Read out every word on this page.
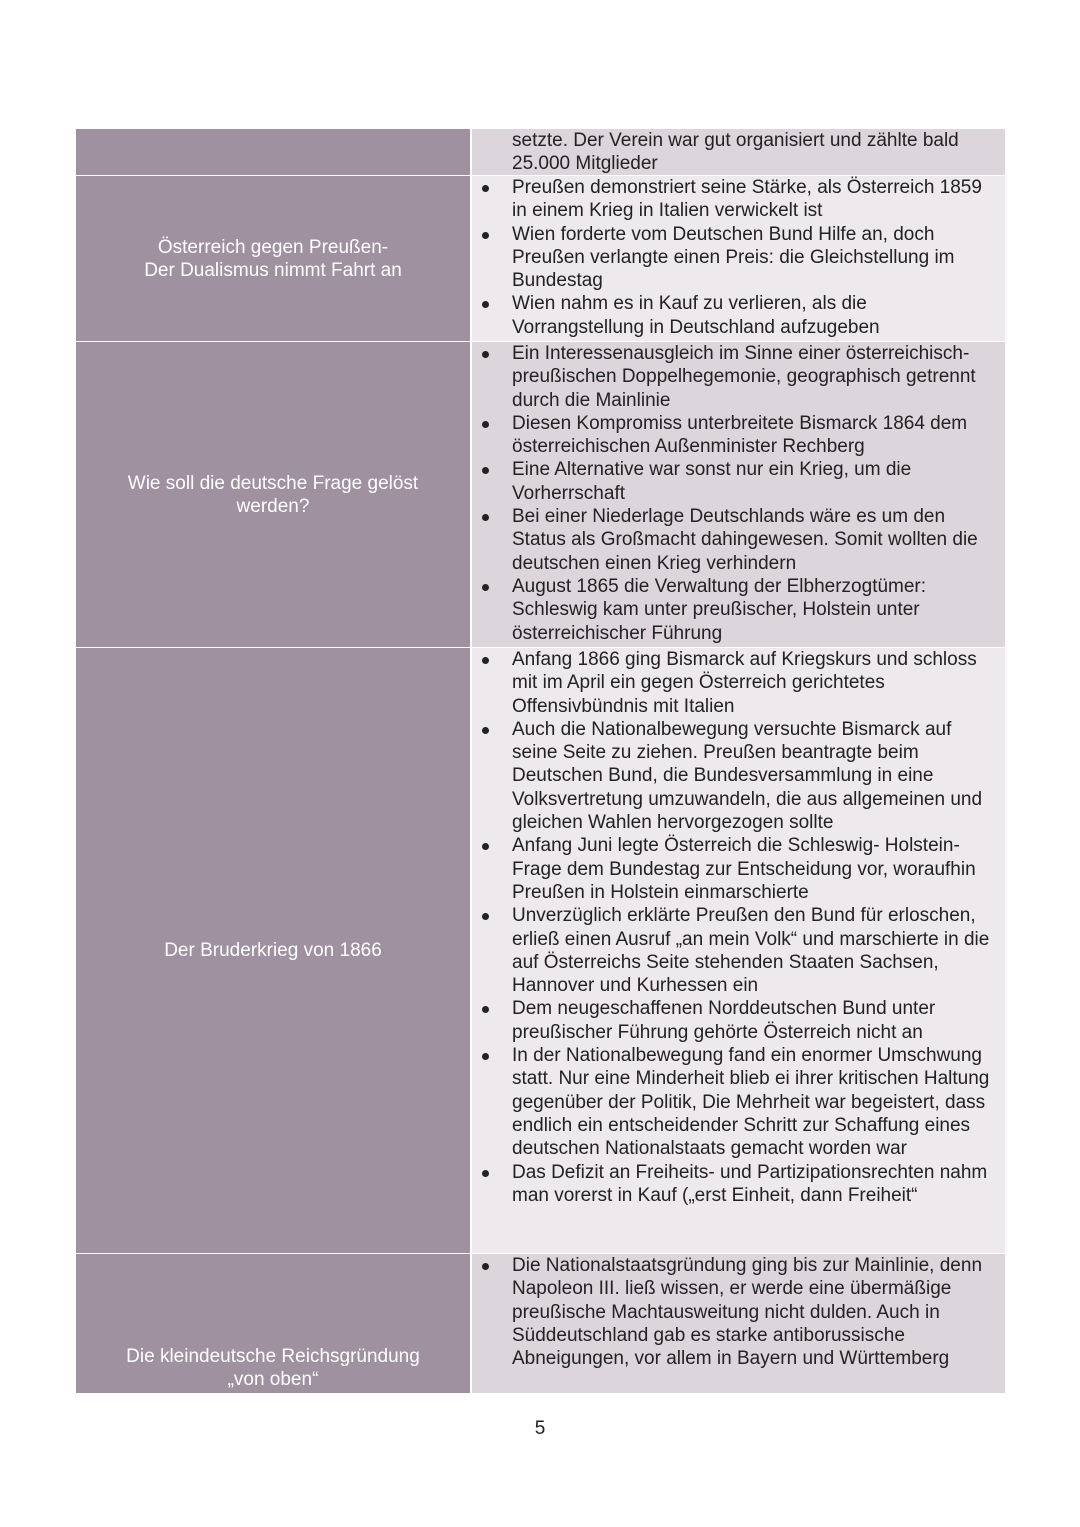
setzte. Der Verein war gut organisiert und zählte bald 25.000 Mitglieder
Österreich gegen Preußen-
Der Dualismus nimmt Fahrt an
Preußen demonstriert seine Stärke, als Österreich 1859 in einem Krieg in Italien verwickelt ist
Wien forderte vom Deutschen Bund Hilfe an, doch Preußen verlangte einen Preis: die Gleichstellung im Bundestag
Wien nahm es in Kauf zu verlieren, als die Vorrangstellung in Deutschland aufzugeben
Wie soll die deutsche Frage gelöst werden?
Ein Interessenausgleich im Sinne einer österreichisch- preußischen Doppelhegemonie, geographisch getrennt durch die Mainlinie
Diesen Kompromiss unterbreitete Bismarck 1864 dem österreichischen Außenminister Rechberg
Eine Alternative war sonst nur ein Krieg, um die Vorherrschaft
Bei einer Niederlage Deutschlands wäre es um den Status als Großmacht dahingewesen. Somit wollten die deutschen einen Krieg verhindern
August 1865 die Verwaltung der Elbherzogtümer: Schleswig kam unter preußischer, Holstein unter österreichischer Führung
Der Bruderkrieg von 1866
Anfang 1866 ging Bismarck auf Kriegskurs und schloss mit im April ein gegen Österreich gerichtetes Offensivbündnis mit Italien
Auch die Nationalbewegung versuchte Bismarck auf seine Seite zu ziehen. Preußen beantragte beim Deutschen Bund, die Bundesversammlung in eine Volksvertretung umzuwandeln, die aus allgemeinen und gleichen Wahlen hervorgezogen sollte
Anfang Juni legte Österreich die Schleswig- Holstein-Frage dem Bundestag zur Entscheidung vor, woraufhin Preußen in Holstein einmarschierte
Unverzüglich erklärte Preußen den Bund für erloschen, erließ einen Ausruf „an mein Volk“ und marschierte in die auf Österreichs Seite stehenden Staaten Sachsen, Hannover und Kurhessen ein
Dem neugeschaffenen Norddeutschen Bund unter preußischer Führung gehörte Österreich nicht an
In der Nationalbewegung fand ein enormer Umschwung statt. Nur eine Minderheit blieb ei ihrer kritischen Haltung gegenüber der Politik, Die Mehrheit war begeistert, dass endlich ein entscheidender Schritt zur Schaffung eines deutschen Nationalstaats gemacht worden war
Das Defizit an Freiheits- und Partizipationsrechten nahm man vorerst in Kauf („erst Einheit, dann Freiheit“
Die kleindeutsche Reichsgründung
„von oben“
Die Nationalstaatsgründung ging bis zur Mainlinie, denn Napoleon III. ließ wissen, er werde eine übermäßige preußische Machtausweitung nicht dulden. Auch in Süddeutschland gab es starke antiborussische Abneigungen, vor allem in Bayern und Württemberg
5
